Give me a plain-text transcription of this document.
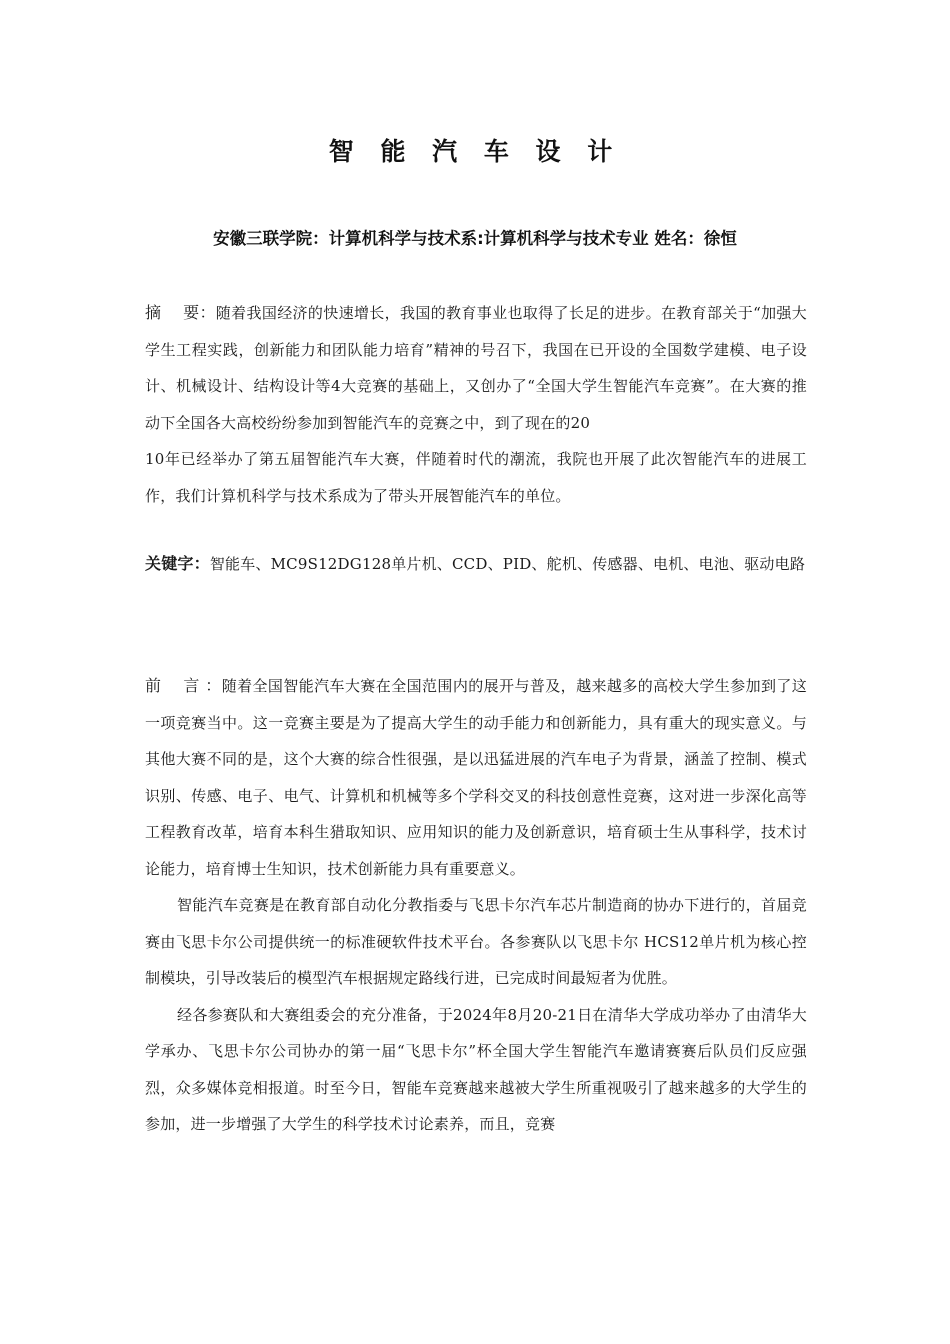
智 能 汽 车 设 计
安徽三联学院：计算机科学与技术系:计算机科学与技术专业 姓名：徐恒
摘    要：随着我国经济的快速增长，我国的教育事业也取得了长足的进步。在教育部关于“加强大学生工程实践，创新能力和团队能力培育”精神的号召下，我国在已开设的全国数学建模、电子设计、机械设计、结构设计等4大竞赛的基础上，又创办了“全国大学生智能汽车竞赛”。在大赛的推动下全国各大高校纷纷参加到智能汽车的竞赛之中，到了现在的20
10年已经举办了第五届智能汽车大赛，伴随着时代的潮流，我院也开展了此次智能汽车的进展工作，我们计算机科学与技术系成为了带头开展智能汽车的单位。
关键字：智能车、MC9S12DG128单片机、CCD、PID、舵机、传感器、电机、电池、驱动电路

前    言 ：随着全国智能汽车大赛在全国范围内的展开与普及，越来越多的高校大学生参加到了这一项竞赛当中。这一竞赛主要是为了提高大学生的动手能力和创新能力，具有重大的现实意义。与其他大赛不同的是，这个大赛的综合性很强，是以迅猛进展的汽车电子为背景，涵盖了控制、模式识别、传感、电子、电气、计算机和机械等多个学科交叉的科技创意性竞赛，这对进一步深化高等工程教育改革，培育本科生猎取知识、应用知识的能力及创新意识，培育硕士生从事科学，技术讨论能力，培育博士生知识，技术创新能力具有重要意义。

智能汽车竞赛是在教育部自动化分教指委与飞思卡尔汽车芯片制造商的协办下进行的，首届竞赛由飞思卡尔公司提供统一的标准硬软件技术平台。各参赛队以飞思卡尔 HCS12单片机为核心控制模块，引导改装后的模型汽车根据规定路线行进，已完成时间最短者为优胜。

经各参赛队和大赛组委会的充分准备，于2024年8月20-21日在清华大学成功举办了由清华大学承办、飞思卡尔公司协办的第一届“飞思卡尔”杯全国大学生智能汽车邀请赛赛后队员们反应强烈，众多媒体竞相报道。时至今日，智能车竞赛越来越被大学生所重视吸引了越来越多的大学生的参加，进一步增强了大学生的科学技术讨论素养，而且，竞赛
